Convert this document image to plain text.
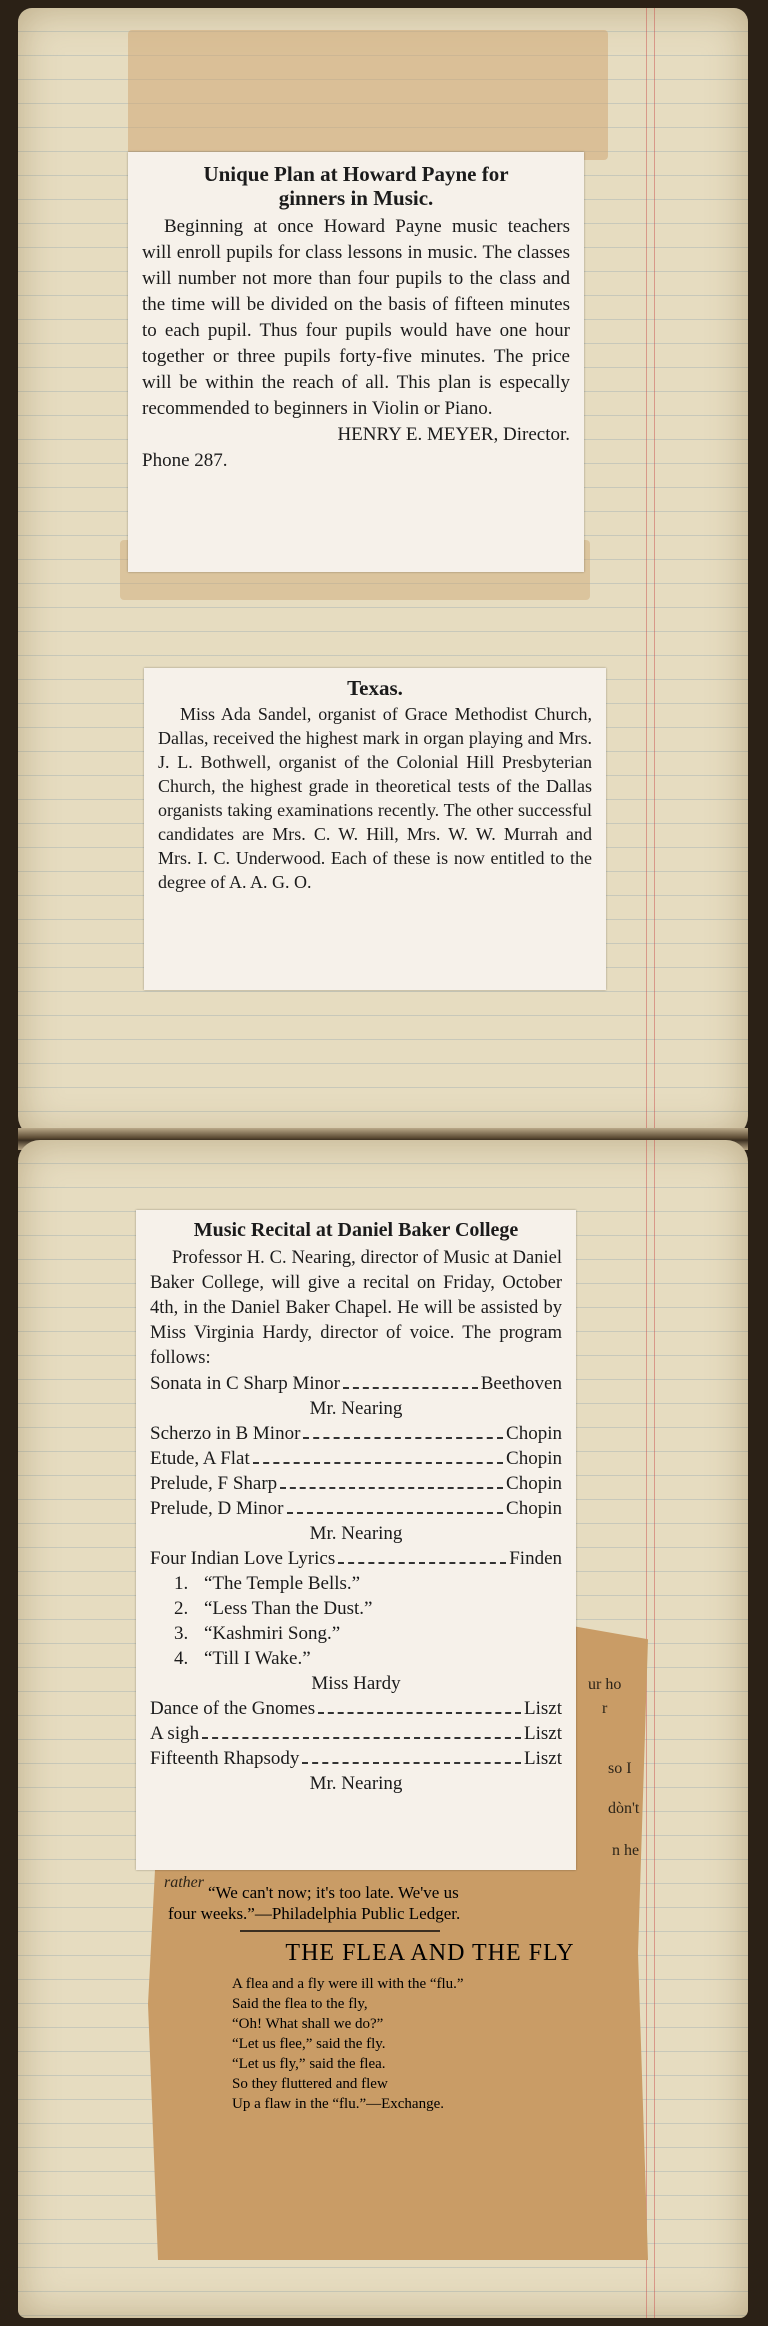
Unique Plan at Howard Payne for
ginners in Music.
Beginning at once Howard Payne music teachers will enroll pupils for class lessons in music. The classes will number not more than four pupils to the class and the time will be divided on the basis of fifteen minutes to each pupil. Thus four pupils would have one hour together or three pupils forty-five minutes. The price will be within the reach of all. This plan is especally recommended to beginners in Violin or Piano.
HENRY E. MEYER, Director.
Phone 287.
Texas.
Miss Ada Sandel, organist of Grace Methodist Church, Dallas, received the highest mark in organ playing and Mrs. J. L. Bothwell, organist of the Colonial Hill Presbyterian Church, the highest grade in theoretical tests of the Dallas organists taking examinations recently. The other successful candidates are Mrs. C. W. Hill, Mrs. W. W. Murrah and Mrs. I. C. Underwood. Each of these is now entitled to the degree of A. A. G. O.
ur ho
r
so I
dòn't
n he
rather
“We can't now; it's too late. We've us
four weeks.”—Philadelphia Public Ledger.
THE FLEA AND THE FLY
A flea and a fly were ill with the “flu.”
Said the flea to the fly,
“Oh! What shall we do?”
“Let us flee,” said the fly.
“Let us fly,” said the flea.
So they fluttered and flew
Up a flaw in the “flu.”—Exchange.
Music Recital at Daniel Baker College
Professor H. C. Nearing, director of Music at Daniel Baker College, will give a recital on Friday, October 4th, in the Daniel Baker Chapel. He will be assisted by Miss Virginia Hardy, director of voice. The program follows:
Sonata in C Sharp Minor	Beethoven
Mr. Nearing
Scherzo in B Minor	Chopin
Etude, A Flat	Chopin
Prelude, F Sharp	Chopin
Prelude, D Minor	Chopin
Mr. Nearing
Four Indian Love Lyrics	Finden
1. “The Temple Bells.”
2. “Less Than the Dust.”
3. “Kashmiri Song.”
4. “Till I Wake.”
Miss Hardy
Dance of the Gnomes	Liszt
A sigh	Liszt
Fifteenth Rhapsody	Liszt
Mr. Nearing
